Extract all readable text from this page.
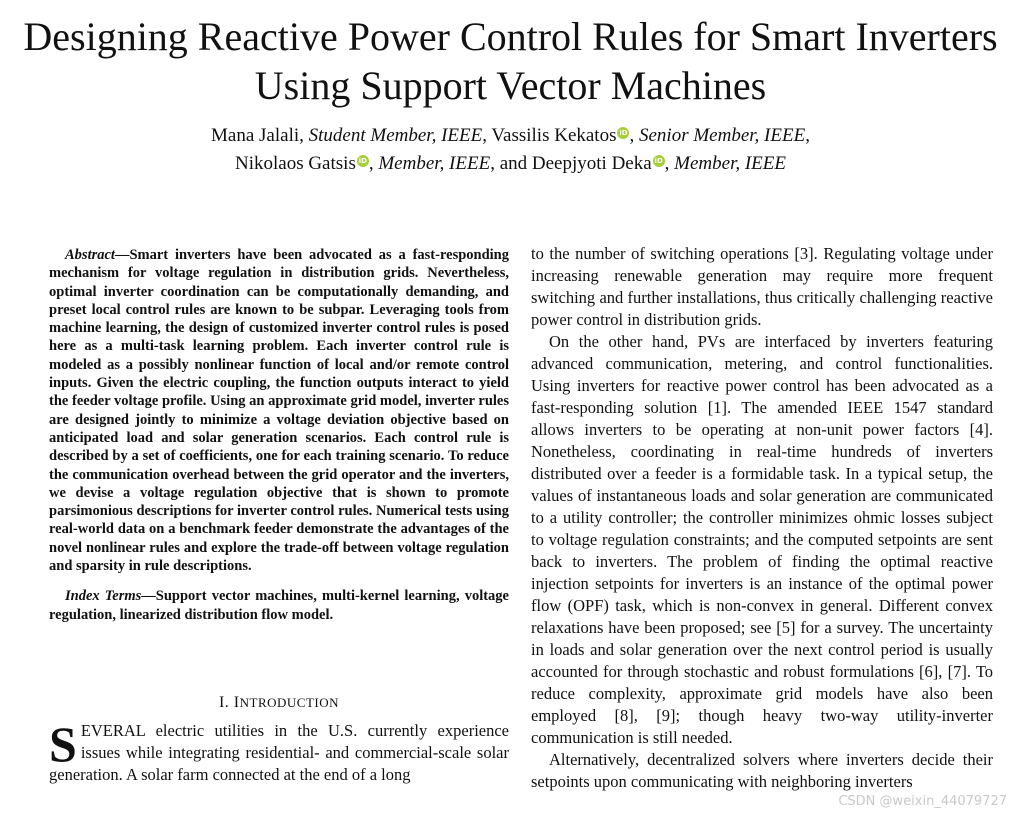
Designing Reactive Power Control Rules for Smart Inverters Using Support Vector Machines
Mana Jalali, Student Member, IEEE, Vassilis Kekatos iD, Senior Member, IEEE,
Nikolaos Gatsis iD, Member, IEEE, and Deepjyoti Deka iD, Member, IEEE

Abstract—Smart inverters have been advocated as a fast-responding mechanism for voltage regulation in distribution grids. Nevertheless, optimal inverter coordination can be computationally demanding, and preset local control rules are known to be subpar. Leveraging tools from machine learning, the design of customized inverter control rules is posed here as a multi-task learning problem. Each inverter control rule is modeled as a possibly nonlinear function of local and/or remote control inputs. Given the electric coupling, the function outputs interact to yield the feeder voltage profile. Using an approximate grid model, inverter rules are designed jointly to minimize a voltage deviation objective based on anticipated load and solar generation scenarios. Each control rule is described by a set of coefficients, one for each training scenario. To reduce the communication overhead between the grid operator and the inverters, we devise a voltage regulation objective that is shown to promote parsimonious descriptions for inverter control rules. Numerical tests using real-world data on a benchmark feeder demonstrate the advantages of the novel nonlinear rules and explore the trade-off between voltage regulation and sparsity in rule descriptions.

Index Terms—Support vector machines, multi-kernel learning, voltage regulation, linearized distribution flow model.

I. INTRODUCTION

SEVERAL electric utilities in the U.S. currently experience issues while integrating residential- and commercial-scale solar generation. A solar farm connected at the end of a long

to the number of switching operations [3]. Regulating voltage under increasing renewable generation may require more frequent switching and further installations, thus critically challenging reactive power control in distribution grids.

On the other hand, PVs are interfaced by inverters featuring advanced communication, metering, and control functionalities. Using inverters for reactive power control has been advocated as a fast-responding solution [1]. The amended IEEE 1547 standard allows inverters to be operating at non-unit power factors [4]. Nonetheless, coordinating in real-time hundreds of inverters distributed over a feeder is a formidable task. In a typical setup, the values of instantaneous loads and solar generation are communicated to a utility controller; the controller minimizes ohmic losses subject to voltage regulation constraints; and the computed setpoints are sent back to inverters. The problem of finding the optimal reactive injection setpoints for inverters is an instance of the optimal power flow (OPF) task, which is non-convex in general. Different convex relaxations have been proposed; see [5] for a survey. The uncertainty in loads and solar generation over the next control period is usually accounted for through stochastic and robust formulations [6], [7]. To reduce complexity, approximate grid models have also been employed [8], [9]; though heavy two-way utility-inverter communication is still needed.

Alternatively, decentralized solvers where inverters decide their setpoints upon communicating with neighboring inverters

CSDN @weixin_44079727
